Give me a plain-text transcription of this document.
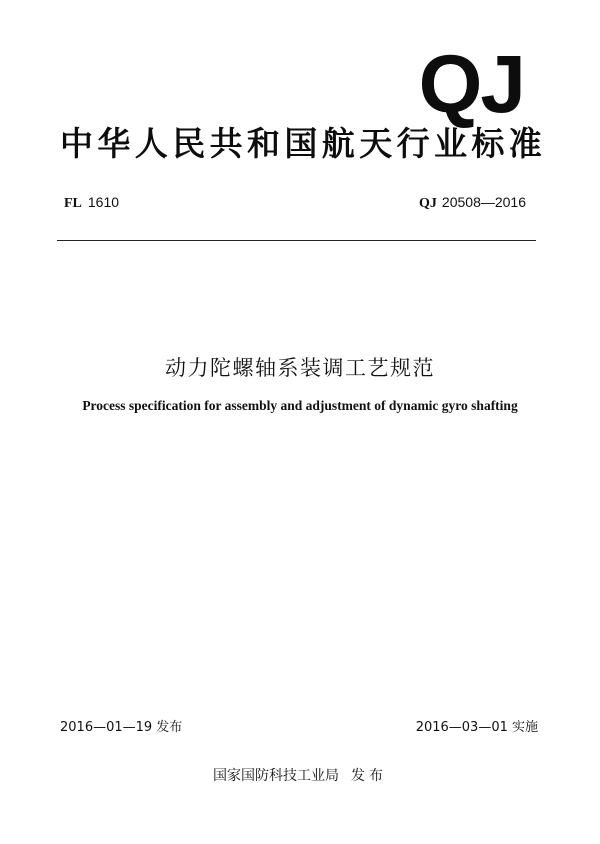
QJ
中华人民共和国航天行业标准
FL 1610	QJ 20508—2016
动力陀螺轴系装调工艺规范
Process specification for assembly and adjustment of dynamic gyro shafting
2016—01—19 发布	2016—03—01 实施
国家国防科技工业局 发布
